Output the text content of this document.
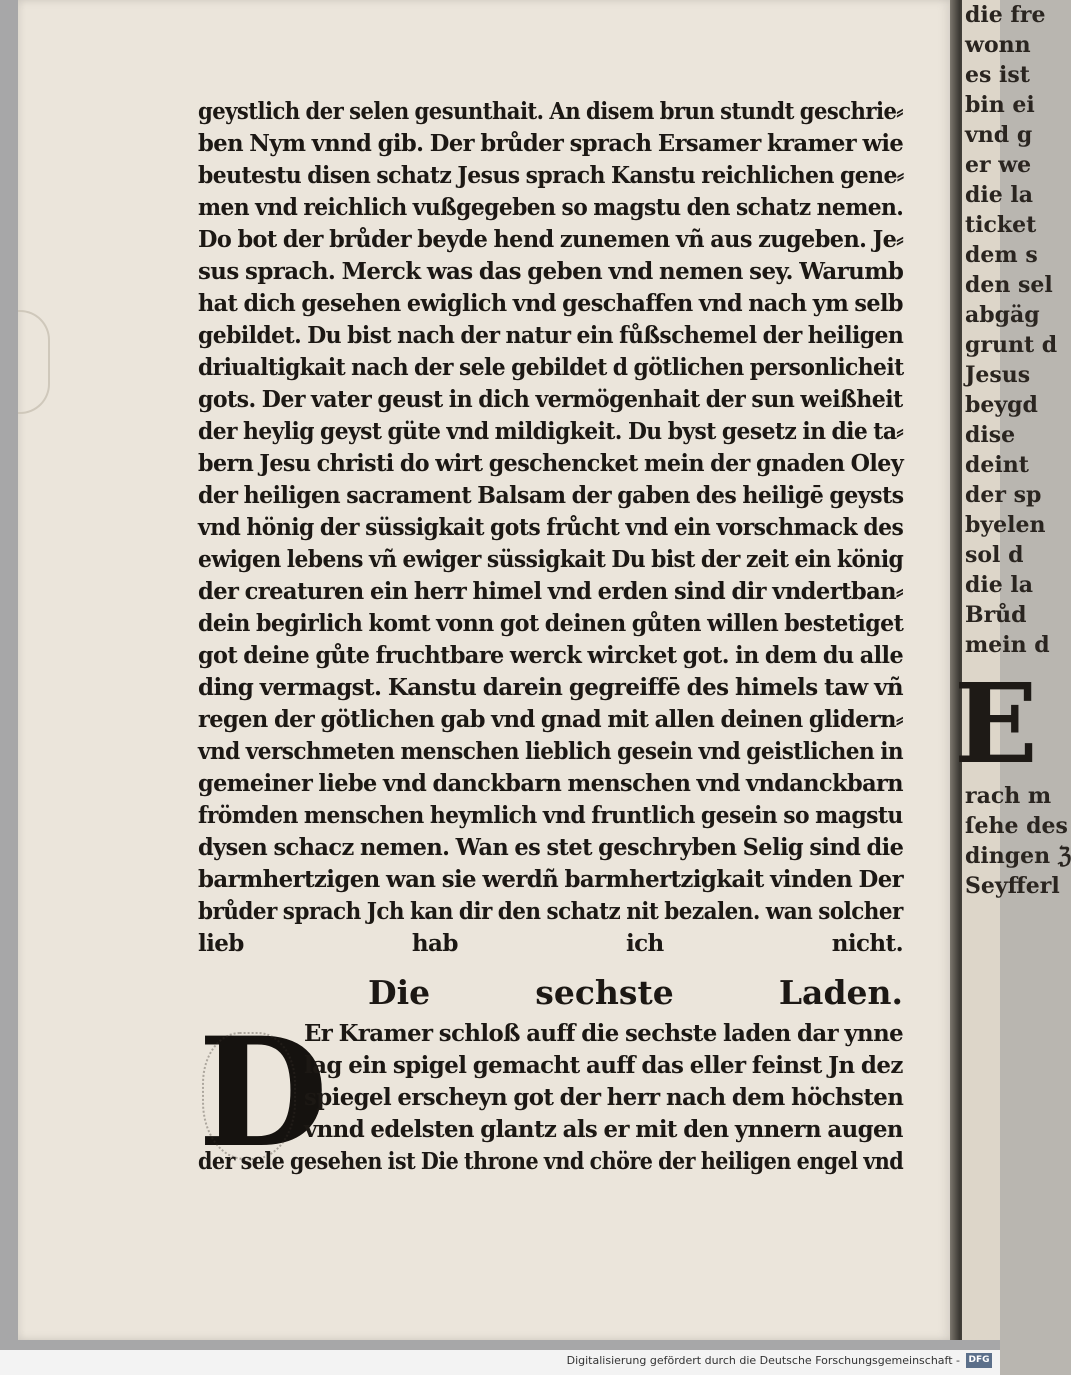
die fre
wonn
es ist
bin ei
vnd g
er we
die la
ticket
dem s
den sel
abgäg
grunt d
Jesus
beygd
dise
deint
der sp
byelen
sol d
die la
Brůd
mein d
E
rach m
ſehe des
dingen ℨ
Seyfferl
geystlich der selen gesunthait. An disem brun stundt geschrie⸗
ben Nym vnnd gib. Der brůder sprach Ersamer kramer wie
beutestu disen schatz Jesus sprach Kanstu reichlichen gene⸗
men vnd reichlich vußgegeben so magstu den schatz nemen.
Do bot der brůder beyde hend zunemen vñ aus zugeben. Je⸗
sus sprach. Merck was das geben vnd nemen sey. Warumb
hat dich gesehen ewiglich vnd geschaffen vnd nach ym selb
gebildet. Du bist nach der natur ein fůßschemel der heiligen
driualtigkait nach der sele gebildet d götlichen personlicheit
gots. Der vater geust in dich vermögenhait der sun weißheit
der heylig geyst güte vnd mildigkeit. Du byst gesetz in die ta⸗
bern Jesu christi do wirt geschencket mein der gnaden Oley
der heiligen sacrament Balsam der gaben des heiligē geysts
vnd hönig der süssigkait gots frůcht vnd ein vorschmack des
ewigen lebens vñ ewiger süssigkait Du bist der zeit ein könig
der creaturen ein herr himel vnd erden sind dir vndertban⸗
dein begirlich komt vonn got deinen gůten willen bestetiget
got deine gůte fruchtbare werck wircket got. in dem du alle
ding vermagst. Kanstu darein gegreiffē des himels taw vñ
regen der götlichen gab vnd gnad mit allen deinen glidern⸗
vnd verschmeten menschen lieblich gesein vnd geistlichen in
gemeiner liebe vnd danckbarn menschen vnd vndanckbarn
frömden menschen heymlich vnd fruntlich gesein so magstu
dysen schacz nemen. Wan es stet geschryben Selig sind die
barmhertzigen wan sie werdñ barmhertzigkait vinden Der
brůder sprach Jch kan dir den schatz nit bezalen. wan solcher
lieb hab ich nicht.
Die sechste Laden.
D
Er Kramer schloß auff die sechste laden dar ynne
lag ein spigel gemacht auff das eller feinst Jn dez
spiegel erscheyn got der herr nach dem höchsten
vnnd edelsten glantz als er mit den ynnern augen
der sele gesehen ist Die throne vnd chöre der heiligen engel vnd
Digitalisierung gefördert durch die Deutsche Forschungsgemeinschaft - DFG
